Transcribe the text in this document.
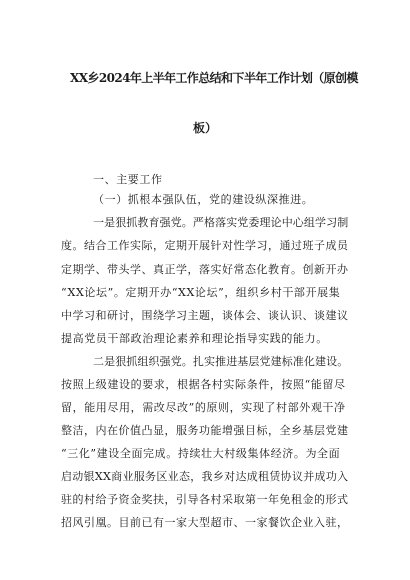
XX乡2024年上半年工作总结和下半年工作计划（原创模
板）
一、主要工作
（一）抓根本强队伍，党的建设纵深推进。
一是狠抓教育强党。严格落实党委理论中心组学习制
度。结合工作实际，定期开展针对性学习，通过班子成员
定期学、带头学、真正学，落实好常态化教育。创新开办
“XX论坛”。定期开办“XX论坛”，组织乡村干部开展集
中学习和研讨，围绕学习主题，谈体会、谈认识、谈建议
提高党员干部政治理论素养和理论指导实践的能力。
二是狠抓组织强党。扎实推进基层党建标准化建设。
按照上级建设的要求，根据各村实际条件，按照“能留尽
留，能用尽用，需改尽改”的原则，实现了村部外观干净
整洁，内在价值凸显，服务功能增强目标，全乡基层党建
“三化”建设全面完成。持续壮大村级集体经济。为全面
启动银XX商业服务区业态，我乡对达成租赁协议并成功入
驻的村给予资金奖扶，引导各村采取第一年免租金的形式
招风引凰。目前已有一家大型超市、一家餐饮企业入驻，
